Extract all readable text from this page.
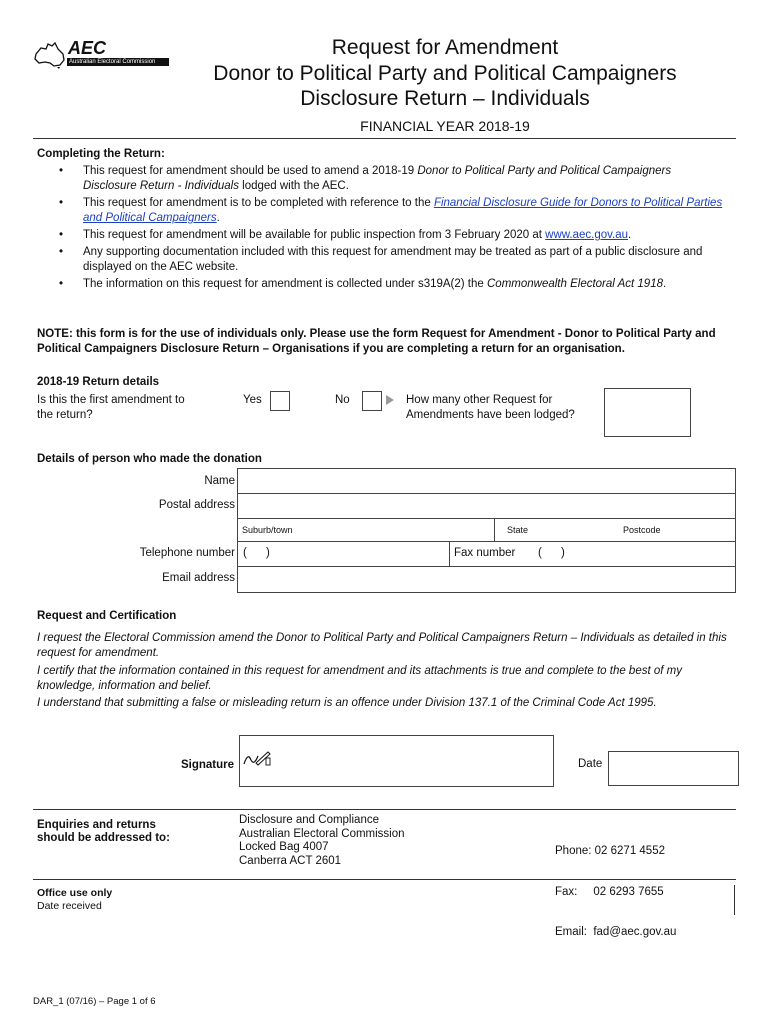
AEC
Australian Electoral Commission
Request for Amendment
Donor to Political Party and Political Campaigners
Disclosure Return – Individuals
FINANCIAL YEAR 2018-19
Completing the Return:
• This request for amendment should be used to amend a 2018-19 Donor to Political Party and Political Campaigners Disclosure Return - Individuals lodged with the AEC.
• This request for amendment is to be completed with reference to the Financial Disclosure Guide for Donors to Political Parties and Political Campaigners.
• This request for amendment will be available for public inspection from 3 February 2020 at www.aec.gov.au.
• Any supporting documentation included with this request for amendment may be treated as part of a public disclosure and displayed on the AEC website.
• The information on this request for amendment is collected under s319A(2) the Commonwealth Electoral Act 1918.
NOTE: this form is for the use of individuals only. Please use the form Request for Amendment - Donor to Political Party and Political Campaigners Disclosure Return – Organisations if you are completing a return for an organisation.
2018-19 Return details
Is this the first amendment to the return?
Yes	No	How many other Request for Amendments have been lodged?
Details of person who made the donation
Name
Postal address
Suburb/town	State	Postcode
Telephone number (      )	Fax number (      )
Email address
Request and Certification
I request the Electoral Commission amend the Donor to Political Party and Political Campaigners Return – Individuals as detailed in this request for amendment.
I certify that the information contained in this request for amendment and its attachments is true and complete to the best of my knowledge, information and belief.
I understand that submitting a false or misleading return is an offence under Division 137.1 of the Criminal Code Act 1995.
Signature	Date
Enquiries and returns
should be addressed to:
Disclosure and Compliance
Australian Electoral Commission
Locked Bag 4007
Canberra ACT 2601

Phone: 02 6271 4552

Fax:     02 6293 7655

Email:  fad@aec.gov.au

Office use only
Date received
DAR_1 (07/16) – Page 1 of 6
